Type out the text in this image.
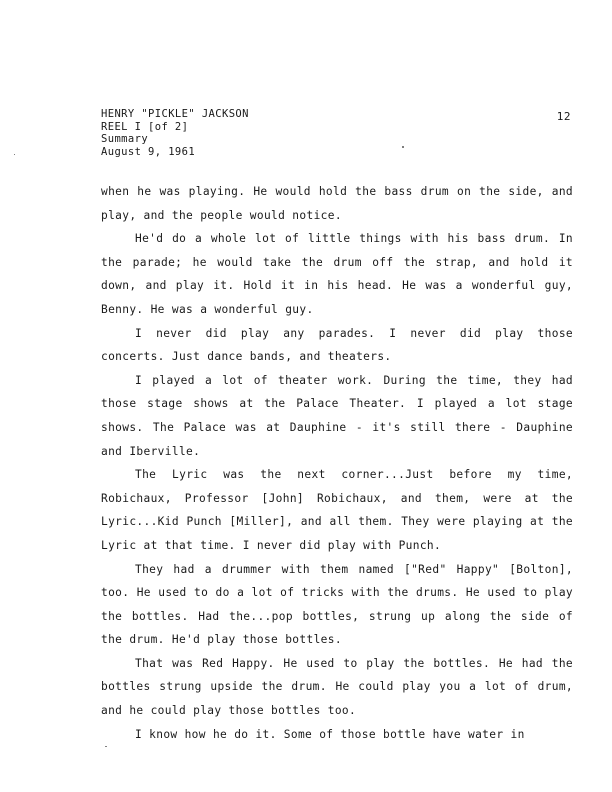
HENRY "PICKLE" JACKSON
REEL I [of 2]
Summary
August 9, 1961
12

when he was playing. He would hold the bass drum on the side, and play, and the people would notice.

He'd do a whole lot of little things with his bass drum. In the parade; he would take the drum off the strap, and hold it down, and play it. Hold it in his head. He was a wonderful guy, Benny. He was a wonderful guy.

I never did play any parades. I never did play those concerts. Just dance bands, and theaters.

I played a lot of theater work. During the time, they had those stage shows at the Palace Theater. I played a lot stage shows. The Palace was at Dauphine - it's still there - Dauphine and Iberville.

The Lyric was the next corner...Just before my time, Robichaux, Professor [John] Robichaux, and them, were at the Lyric...Kid Punch [Miller], and all them. They were playing at the Lyric at that time. I never did play with Punch.

They had a drummer with them named ["Red" Happy" [Bolton], too. He used to do a lot of tricks with the drums. He used to play the bottles. Had the...pop bottles, strung up along the side of the drum. He'd play those bottles.

That was Red Happy. He used to play the bottles. He had the bottles strung upside the drum. He could play you a lot of drum, and he could play those bottles too.

I know how he do it. Some of those bottle have water in
